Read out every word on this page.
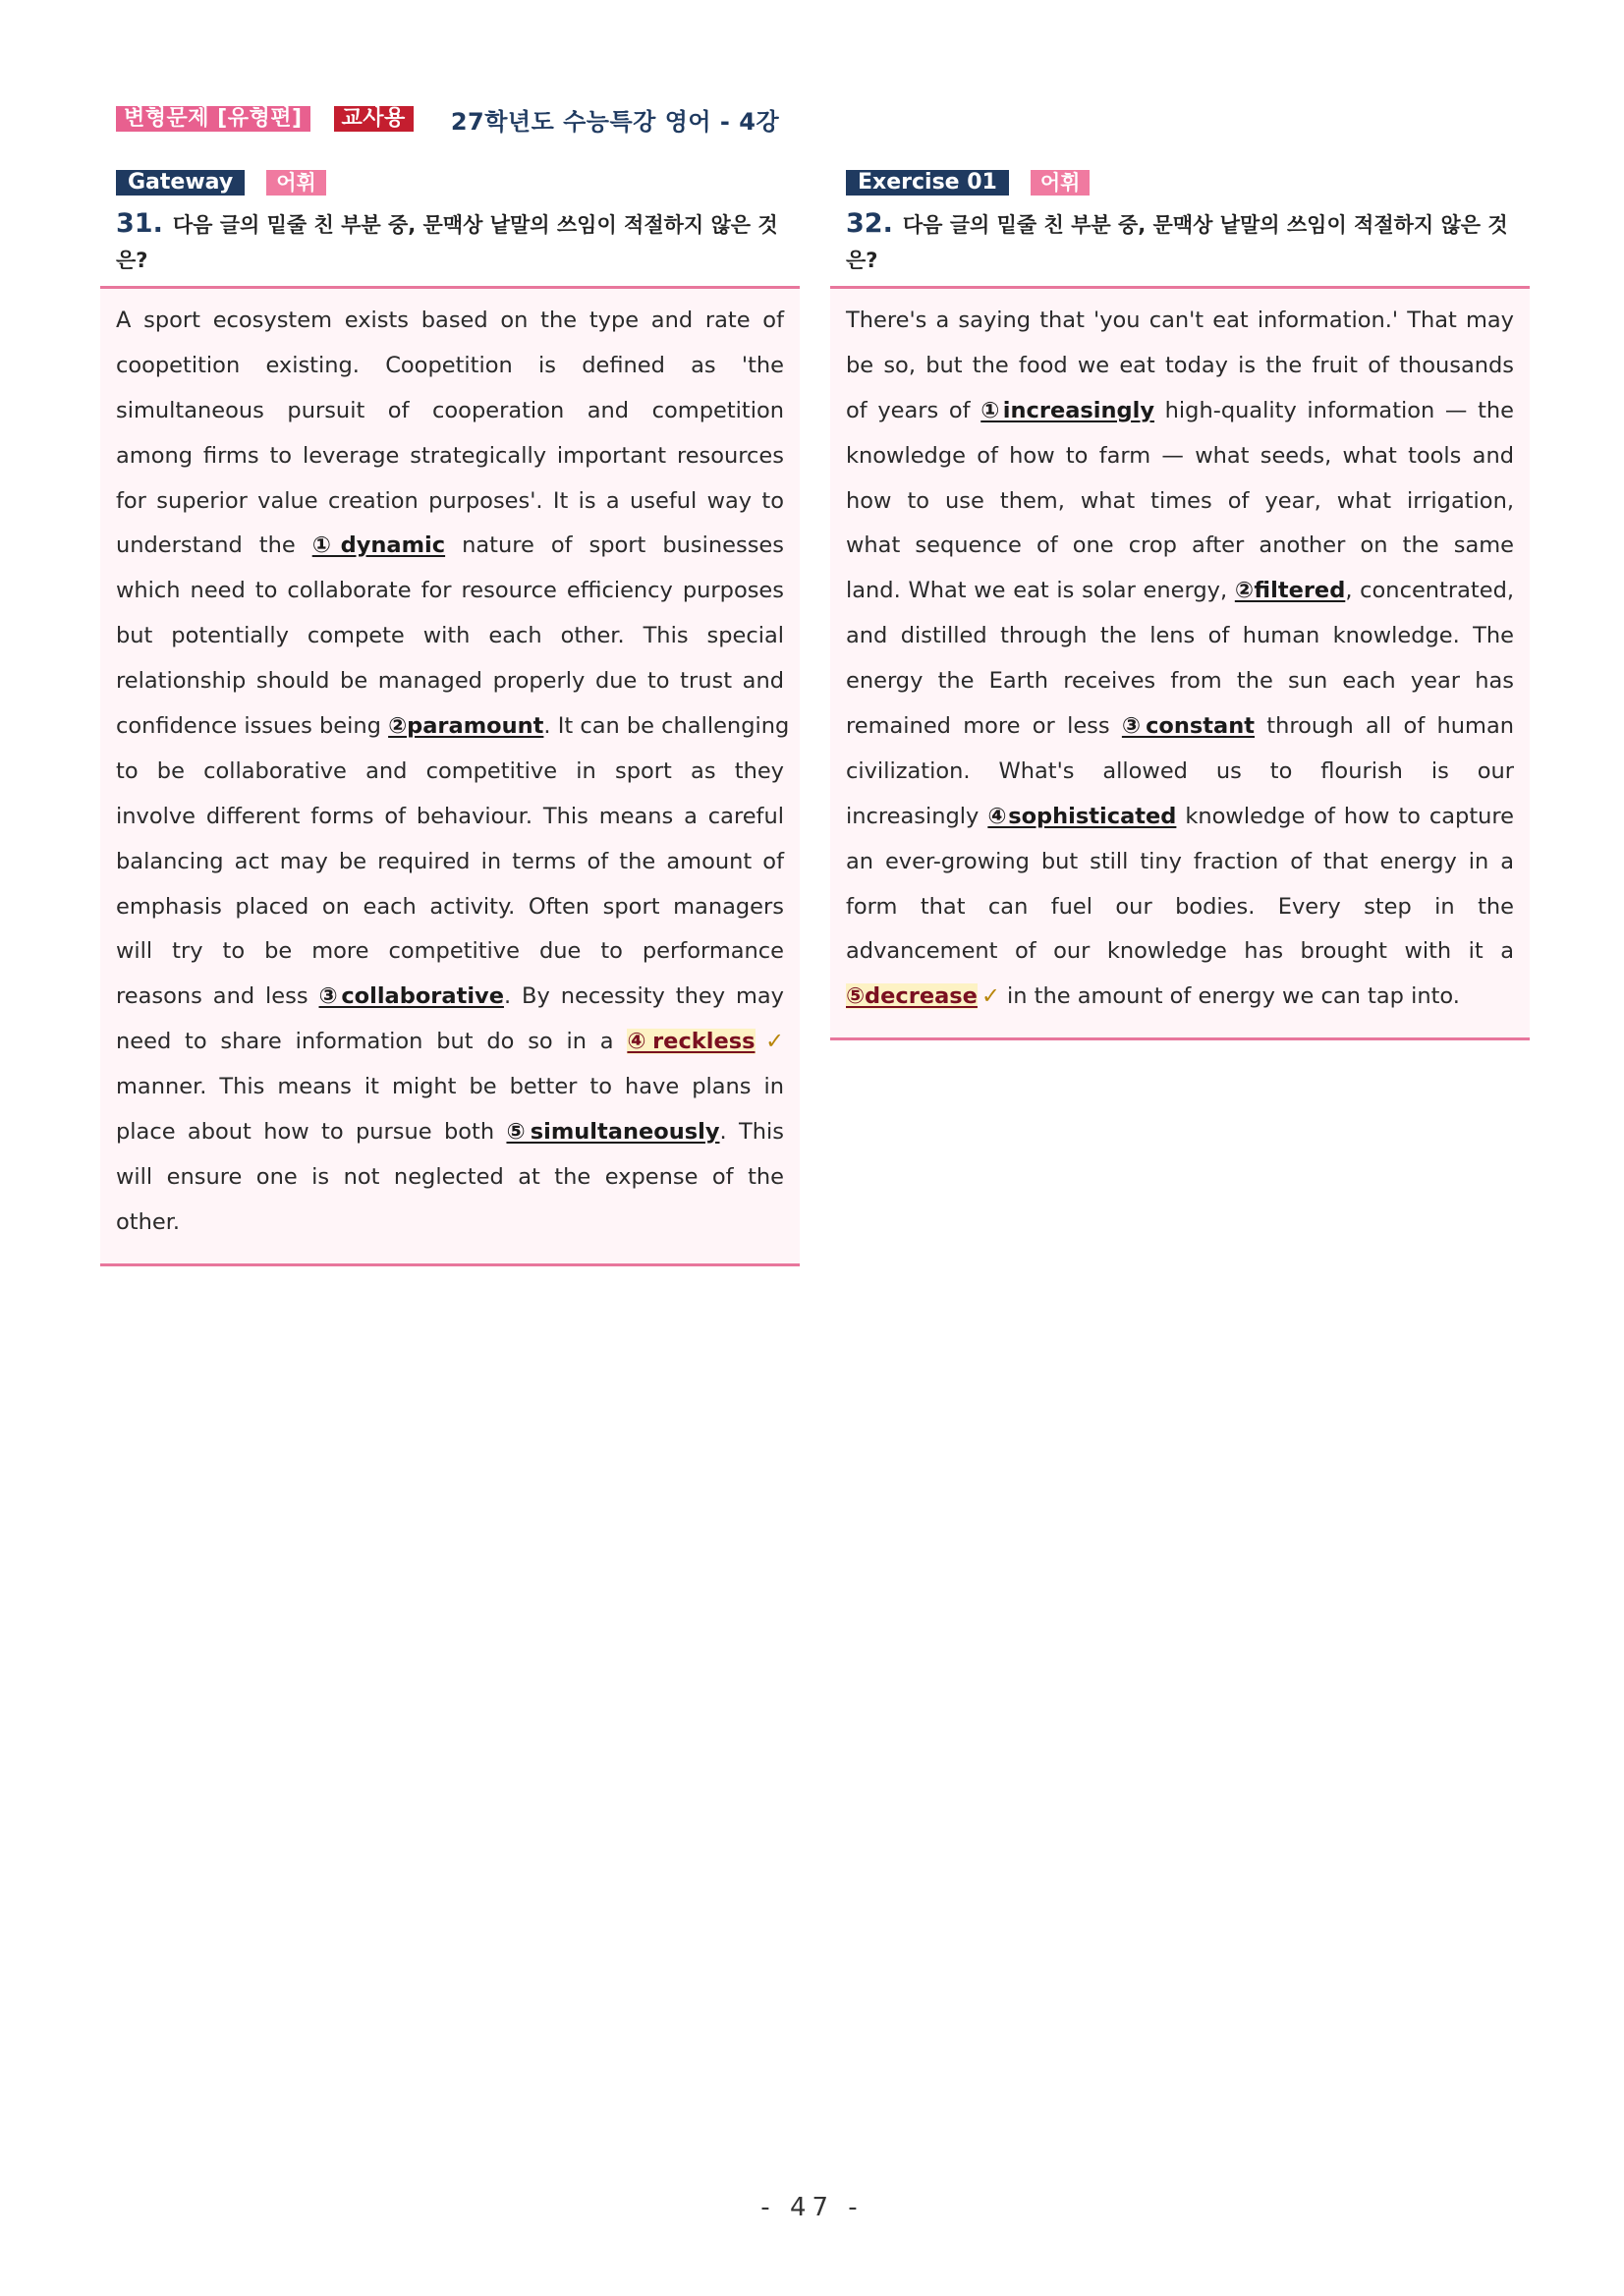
변형문제 [유형편]	교사용	27학년도 수능특강 영어 - 4강
Gateway	어휘
31. 다음 글의 밑줄 친 부분 중, 문맥상 낱말의 쓰임이 적절하지 않은 것은?
A sport ecosystem exists based on the type and rate of
coopetition existing. Coopetition is defined as 'the
simultaneous pursuit of cooperation and competition
among firms to leverage strategically important resources
for superior value creation purposes'. It is a useful way to
understand the ①dynamic nature of sport businesses
which need to collaborate for resource efficiency purposes
but potentially compete with each other. This special
relationship should be managed properly due to trust and
confidence issues being ②paramount. It can be challenging
to be collaborative and competitive in sport as they
involve different forms of behaviour. This means a careful
balancing act may be required in terms of the amount of
emphasis placed on each activity. Often sport managers
will try to be more competitive due to performance
reasons and less ③collaborative. By necessity they may
need to share information but do so in a ④reckless ✓
manner. This means it might be better to have plans in
place about how to pursue both ⑤simultaneously. This
will ensure one is not neglected at the expense of the
other.
Exercise 01	어휘
32. 다음 글의 밑줄 친 부분 중, 문맥상 낱말의 쓰임이 적절하지 않은 것은?
There's a saying that 'you can't eat information.' That may
be so, but the food we eat today is the fruit of thousands
of years of ①increasingly high-quality information — the
knowledge of how to farm — what seeds, what tools and
how to use them, what times of year, what irrigation,
what sequence of one crop after another on the same
land. What we eat is solar energy, ②filtered, concentrated,
and distilled through the lens of human knowledge. The
energy the Earth receives from the sun each year has
remained more or less ③constant through all of human
civilization. What's allowed us to flourish is our
increasingly ④sophisticated knowledge of how to capture
an ever-growing but still tiny fraction of that energy in a
form that can fuel our bodies. Every step in the
advancement of our knowledge has brought with it a
⑤decrease ✓ in the amount of energy we can tap into.
- 47 -
